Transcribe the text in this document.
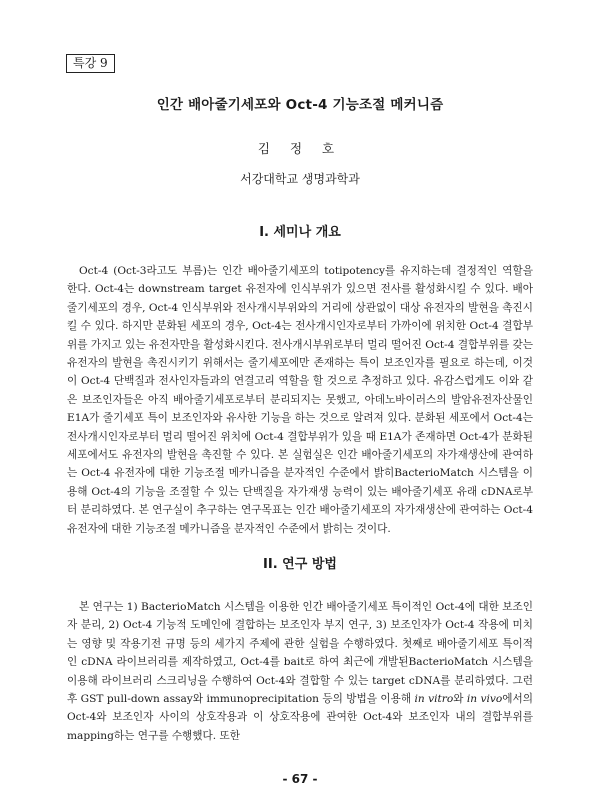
특강 9
인간 배아줄기세포와 Oct-4 기능조절 메커니즘
김 정 호
서강대학교 생명과학과
I. 세미나 개요

Oct-4 (Oct-3라고도 부름)는 인간 배아줄기세포의 totipotency를 유지하는데 결정적인 역할을 한다. Oct-4는 downstream target 유전자에 인식부위가 있으면 전사를 활성화시킬 수 있다. 배아줄기세포의 경우, Oct-4 인식부위와 전사개시부위와의 거리에 상관없이 대상 유전자의 발현을 촉진시킬 수 있다. 하지만 분화된 세포의 경우, Oct-4는 전사개시인자로부터 가까이에 위치한 Oct-4 결합부위를 가지고 있는 유전자만을 활성화시킨다. 전사개시부위로부터 멀리 떨어진 Oct-4 결합부위를 갖는 유전자의 발현을 촉진시키기 위해서는 줄기세포에만 존재하는 특이 보조인자를 필요로 하는데, 이것이 Oct-4 단백질과 전사인자들과의 연결고리 역할을 할 것으로 추정하고 있다. 유감스럽게도 이와 같은 보조인자들은 아직 배아줄기세포로부터 분리되지는 못했고, 아데노바이러스의 발암유전자산물인 E1A가 줄기세포 특이 보조인자와 유사한 기능을 하는 것으로 알려져 있다. 분화된 세포에서 Oct-4는 전사개시인자로부터 멀리 떨어진 위치에 Oct-4 결합부위가 있을 때 E1A가 존재하면 Oct-4가 분화된 세포에서도 유전자의 발현을 촉진할 수 있다. 본 실험실은 인간 배아줄기세포의 자가재생산에 관여하는 Oct-4 유전자에 대한 기능조절 메카니즘을 분자적인 수준에서 밝히BacterioMatch 시스템을 이용해 Oct-4의 기능을 조절할 수 있는 단백질을 자가재생 능력이 있는 배아줄기세포 유래 cDNA로부터 분리하였다. 본 연구실이 추구하는 연구목표는 인간 배아줄기세포의 자가재생산에 관여하는 Oct-4 유전자에 대한 기능조절 메카니즘을 분자적인 수준에서 밝히는 것이다.

II. 연구 방법

본 연구는 1) BacterioMatch 시스템을 이용한 인간 배아줄기세포 특이적인 Oct-4에 대한 보조인자 분리, 2) Oct-4 기능적 도메인에 결합하는 보조인자 부지 연구, 3) 보조인자가 Oct-4 작용에 미치는 영향 및 작용기전 규명 등의 세가지 주제에 관한 실험을 수행하였다. 첫째로 배아줄기세포 특이적인 cDNA 라이브러리를 제작하였고, Oct-4를 bait로 하여 최근에 개발된BacterioMatch 시스템을 이용해 라이브러리 스크리닝을 수행하여 Oct-4와 결합할 수 있는 target cDNA를 분리하였다. 그런 후 GST pull-down assay와 immunoprecipitation 등의 방법을 이용해 in vitro와 in vivo에서의 Oct-4와 보조인자 사이의 상호작용과 이 상호작용에 관여한 Oct-4와 보조인자 내의 결합부위를 mapping하는 연구를 수행했다. 또한

- 67 -
